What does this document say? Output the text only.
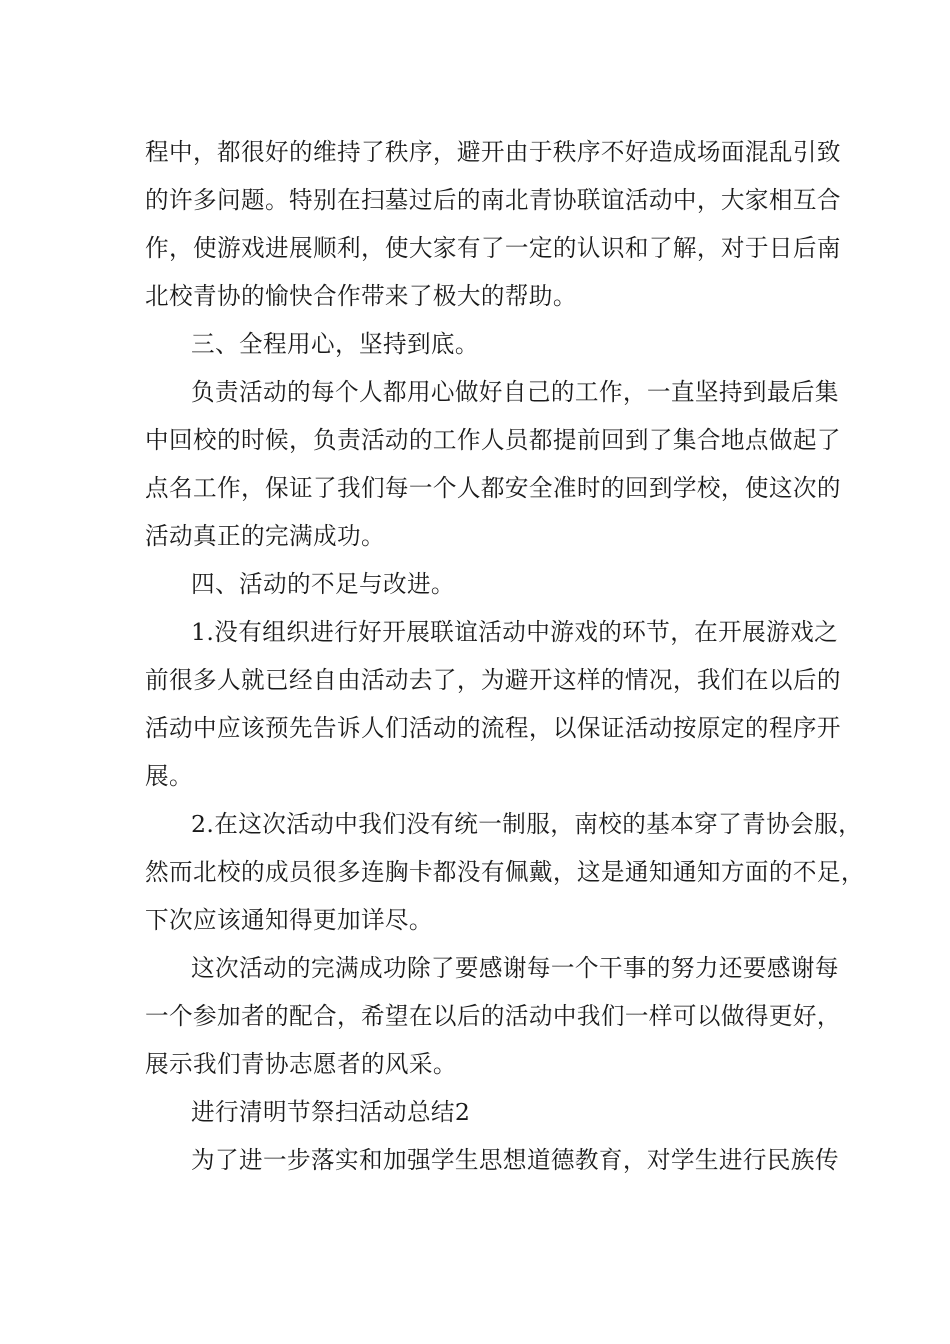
程中，都很好的维持了秩序，避开由于秩序不好造成场面混乱引致
的许多问题。特别在扫墓过后的南北青协联谊活动中，大家相互合
作，使游戏进展顺利，使大家有了一定的认识和了解，对于日后南
北校青协的愉快合作带来了极大的帮助。
三、全程用心，坚持到底。
负责活动的每个人都用心做好自己的工作，一直坚持到最后集
中回校的时候，负责活动的工作人员都提前回到了集合地点做起了
点名工作，保证了我们每一个人都安全准时的回到学校，使这次的
活动真正的完满成功。
四、活动的不足与改进。
1.没有组织进行好开展联谊活动中游戏的环节，在开展游戏之
前很多人就已经自由活动去了，为避开这样的情况，我们在以后的
活动中应该预先告诉人们活动的流程，以保证活动按原定的程序开
展。
2.在这次活动中我们没有统一制服，南校的基本穿了青协会服，
然而北校的成员很多连胸卡都没有佩戴，这是通知通知方面的不足，
下次应该通知得更加详尽。
这次活动的完满成功除了要感谢每一个干事的努力还要感谢每
一个参加者的配合，希望在以后的活动中我们一样可以做得更好，
展示我们青协志愿者的风采。
进行清明节祭扫活动总结2
为了进一步落实和加强学生思想道德教育，对学生进行民族传
